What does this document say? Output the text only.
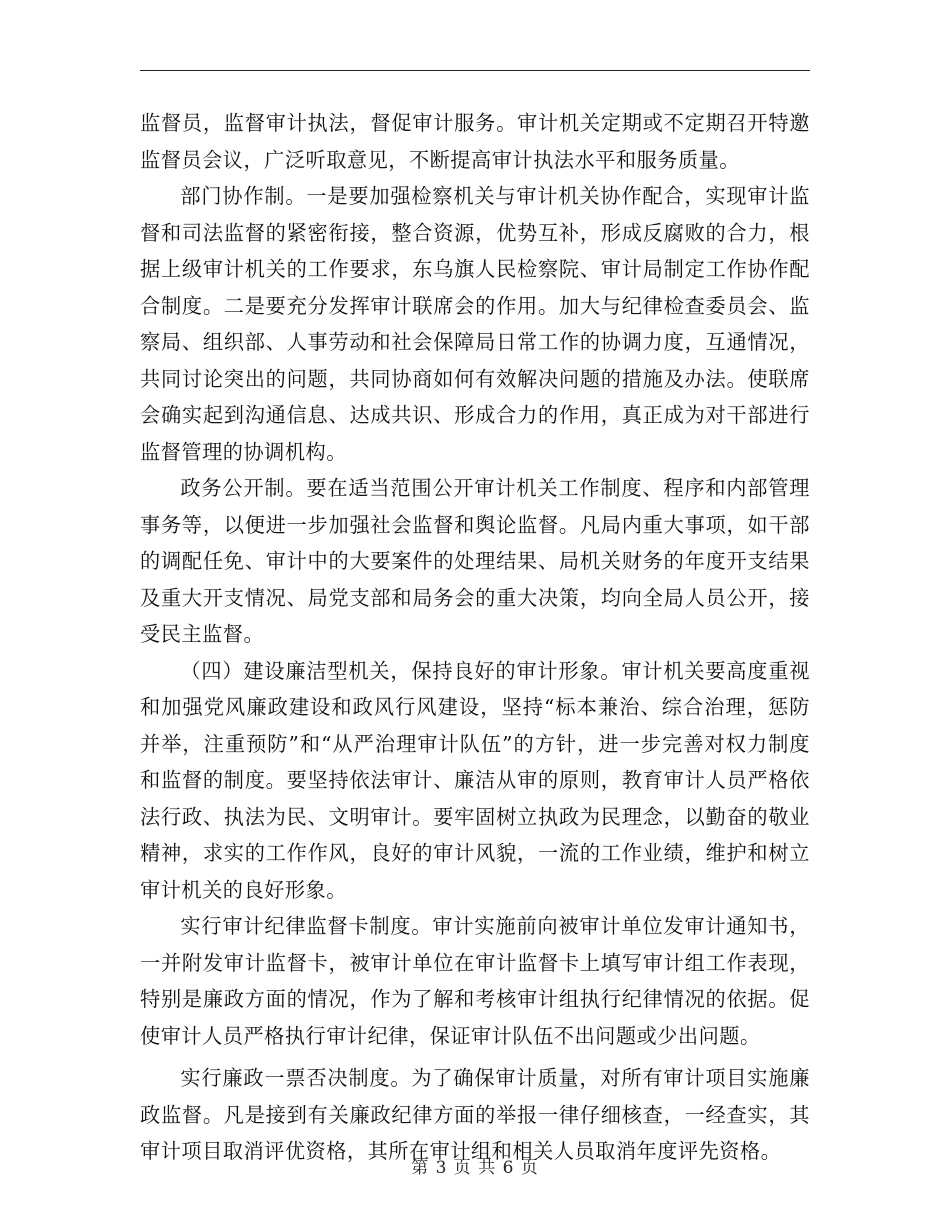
监督员，监督审计执法，督促审计服务。审计机关定期或不定期召开特邀监督员会议，广泛听取意见，不断提高审计执法水平和服务质量。

部门协作制。一是要加强检察机关与审计机关协作配合，实现审计监督和司法监督的紧密衔接，整合资源，优势互补，形成反腐败的合力，根据上级审计机关的工作要求，东乌旗人民检察院、审计局制定工作协作配合制度。二是要充分发挥审计联席会的作用。加大与纪律检查委员会、监察局、组织部、人事劳动和社会保障局日常工作的协调力度，互通情况，共同讨论突出的问题，共同协商如何有效解决问题的措施及办法。使联席会确实起到沟通信息、达成共识、形成合力的作用，真正成为对干部进行监督管理的协调机构。

政务公开制。要在适当范围公开审计机关工作制度、程序和内部管理事务等，以便进一步加强社会监督和舆论监督。凡局内重大事项，如干部的调配任免、审计中的大要案件的处理结果、局机关财务的年度开支结果及重大开支情况、局党支部和局务会的重大决策，均向全局人员公开，接受民主监督。

（四）建设廉洁型机关，保持良好的审计形象。审计机关要高度重视和加强党风廉政建设和政风行风建设，坚持“标本兼治、综合治理，惩防并举，注重预防”和“从严治理审计队伍”的方针，进一步完善对权力制度和监督的制度。要坚持依法审计、廉洁从审的原则，教育审计人员严格依法行政、执法为民、文明审计。要牢固树立执政为民理念，以勤奋的敬业精神，求实的工作作风，良好的审计风貌，一流的工作业绩，维护和树立审计机关的良好形象。

实行审计纪律监督卡制度。审计实施前向被审计单位发审计通知书，一并附发审计监督卡，被审计单位在审计监督卡上填写审计组工作表现，特别是廉政方面的情况，作为了解和考核审计组执行纪律情况的依据。促使审计人员严格执行审计纪律，保证审计队伍不出问题或少出问题。

实行廉政一票否决制度。为了确保审计质量，对所有审计项目实施廉政监督。凡是接到有关廉政纪律方面的举报一律仔细核查，一经查实，其审计项目取消评优资格，其所在审计组和相关人员取消年度评先资格。

第 3 页 共 6 页
